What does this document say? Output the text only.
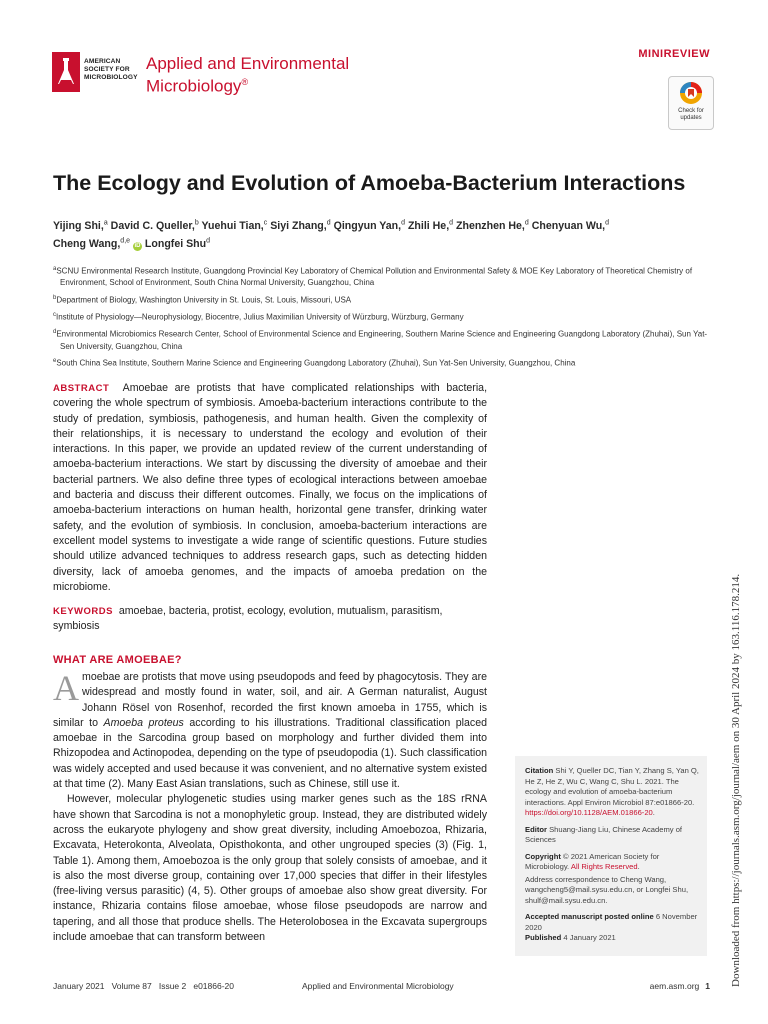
AMERICAN
SOCIETY FOR
MICROBIOLOGY
Applied and Environmental
Microbiology®
MINIREVIEW
Check for
updates
The Ecology and Evolution of Amoeba-Bacterium Interactions
Yijing Shi,$^a$ David C. Queller,$^b$ Yuehui Tian,$^c$ Siyi Zhang,$^d$ Qingyun Yan,$^d$ Zhili He,$^d$ Zhenzhen He,$^d$ Chenyuan Wu,$^d$
Cheng Wang,$^{d,e}$ iD Longfei Shu$^d$

$^a$SCNU Environmental Research Institute, Guangdong Provincial Key Laboratory of Chemical Pollution and Environmental Safety & MOE Key Laboratory of Theoretical Chemistry of Environment, School of Environment, South China Normal University, Guangzhou, China

$^b$Department of Biology, Washington University in St. Louis, St. Louis, Missouri, USA

$^c$Institute of Physiology—Neurophysiology, Biocentre, Julius Maximilian University of Würzburg, Würzburg, Germany

$^d$Environmental Microbiomics Research Center, School of Environmental Science and Engineering, Southern Marine Science and Engineering Guangdong Laboratory (Zhuhai), Sun Yat-Sen University, Guangzhou, China

$^e$South China Sea Institute, Southern Marine Science and Engineering Guangdong Laboratory (Zhuhai), Sun Yat-Sen University, Guangzhou, China

ABSTRACT Amoebae are protists that have complicated relationships with bacteria, covering the whole spectrum of symbiosis. Amoeba-bacterium interactions contribute to the study of predation, symbiosis, pathogenesis, and human health. Given the complexity of their relationships, it is necessary to understand the ecology and evolution of their interactions. In this paper, we provide an updated review of the current understanding of amoeba-bacterium interactions. We start by discussing the diversity of amoebae and their bacterial partners. We also define three types of ecological interactions between amoebae and bacteria and discuss their different outcomes. Finally, we focus on the implications of amoeba-bacterium interactions on human health, horizontal gene transfer, drinking water safety, and the evolution of symbiosis. In conclusion, amoeba-bacterium interactions are excellent model systems to investigate a wide range of scientific questions. Future studies should utilize advanced techniques to address research gaps, such as detecting hidden diversity, lack of amoeba genomes, and the impacts of amoeba predation on the microbiome.
KEYWORDS amoebae, bacteria, protist, ecology, evolution, mutualism, parasitism, symbiosis
WHAT ARE AMOEBAE?

Amoebae are protists that move using pseudopods and feed by phagocytosis. They are widespread and mostly found in water, soil, and air. A German naturalist, August Johann Rösel von Rosenhof, recorded the first known amoeba in 1755, which is similar to Amoeba proteus according to his illustrations. Traditional classification placed amoebae in the Sarcodina group based on morphology and further divided them into Rhizopodea and Actinopodea, depending on the type of pseudopodia (1). Such classification was widely accepted and used because it was convenient, and no alternative system existed at that time (2). Many East Asian translations, such as Chinese, still use it.

However, molecular phylogenetic studies using marker genes such as the 18S rRNA have shown that Sarcodina is not a monophyletic group. Instead, they are distributed widely across the eukaryote phylogeny and show great diversity, including Amoebozoa, Rhizaria, Excavata, Heterokonta, Alveolata, Opisthokonta, and other ungrouped species (3) (Fig. 1, Table 1). Among them, Amoebozoa is the only group that solely consists of amoebae, and it is also the most diverse group, containing over 17,000 species that differ in their lifestyles (free-living versus parasitic) (4, 5). Other groups of amoebae also show great diversity. For instance, Rhizaria contains filose amoebae, whose filose pseudopods are narrow and tapering, and all those that produce shells. The Heterolobosea in the Excavata supergroups include amoebae that can transform between

Citation Shi Y, Queller DC, Tian Y, Zhang S, Yan Q, He Z, He Z, Wu C, Wang C, Shu L. 2021. The ecology and evolution of amoeba-bacterium interactions. Appl Environ Microbiol 87:e01866-20. https://doi.org/10.1128/AEM.01866-20.

Editor Shuang-Jiang Liu, Chinese Academy of Sciences

Copyright © 2021 American Society for Microbiology. All Rights Reserved.

Address correspondence to Cheng Wang, wangcheng5@mail.sysu.edu.cn, or Longfei Shu, shulf@mail.sysu.edu.cn.

Accepted manuscript posted online 6 November 2020

Published 4 January 2021	Downloaded from https://journals.asm.org/journal/aem on 30 April 2024 by 163.116.178.214.
January 2021   Volume 87   Issue 2   e01866-20	Applied and Environmental Microbiology	aem.asm.org 1
